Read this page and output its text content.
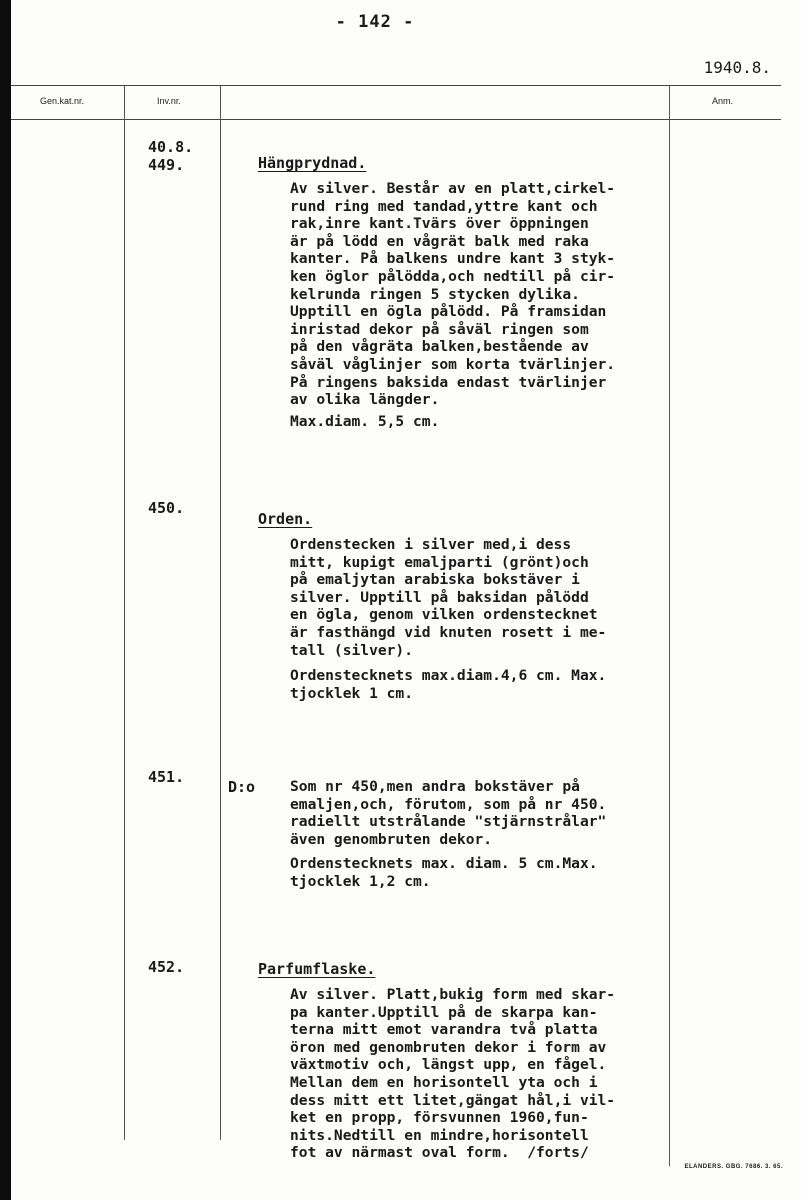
- 142 -
1940.8.
Gen.kat.nr.	Inv.nr.	Anm.
40.8.
449.	Hängprydnad.
Av silver. Består av en platt,cirkel-
rund ring med tandad,yttre kant och
rak,inre kant.Tvärs över öppningen
är på lödd en vågrät balk med raka
kanter. På balkens undre kant 3 styk-
ken öglor pålödda,och nedtill på cir-
kelrunda ringen 5 stycken dylika.
Upptill en ögla pålödd. På framsidan
inristad dekor på såväl ringen som
på den vågräta balken,bestående av
såväl våglinjer som korta tvärlinjer.
På ringens baksida endast tvärlinjer
av olika längder.
Max.diam. 5,5 cm.
450.
Orden.
Ordenstecken i silver med,i dess
mitt, kupigt emaljparti (grönt)och
på emaljytan arabiska bokstäver i
silver. Upptill på baksidan pålödd
en ögla, genom vilken ordenstecknet
är fasthängd vid knuten rosett i me-
tall (silver).
Ordenstecknets max.diam.4,6 cm. Max.
tjocklek 1 cm.
451.
D:o Som nr 450,men andra bokstäver på
emaljen,och, förutom, som på nr 450.
radiellt utstrålande "stjärnstrålar"
även genombruten dekor.
Ordenstecknets max. diam. 5 cm.Max.
tjocklek 1,2 cm.
452.	Parfumflaske.
Av silver. Platt,bukig form med skar-
pa kanter.Upptill på de skarpa kan-
terna mitt emot varandra två platta
öron med genombruten dekor i form av
växtmotiv och, längst upp, en fågel.
Mellan dem en horisontell yta och i
dess mitt ett litet,gängat hål,i vil-
ket en propp, försvunnen 1960,fun-
nits.Nedtill en mindre,horisontell
fot av närmast oval form.  /forts/
ELANDERS. GBG. 7686. 3. 65.
